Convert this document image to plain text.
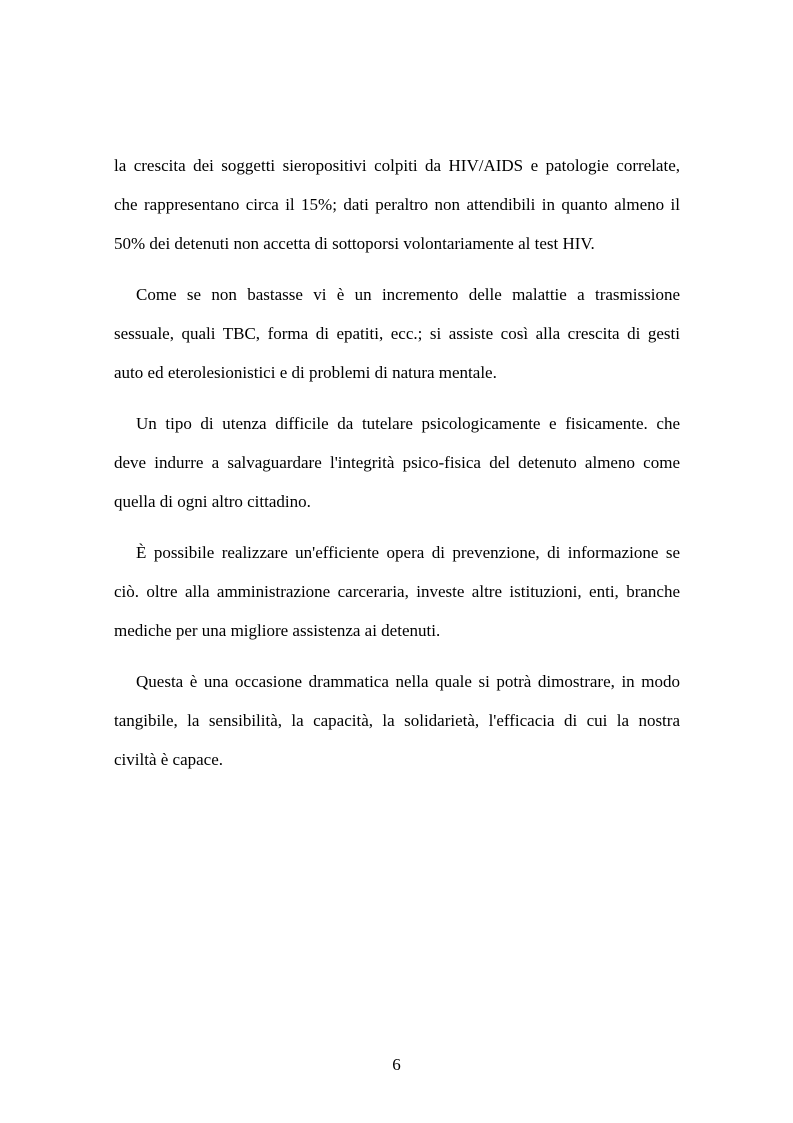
la crescita dei soggetti sieropositivi colpiti da HIV/AIDS e patologie correlate,
che rappresentano circa il 15%; dati peraltro non attendibili in quanto almeno il
50% dei detenuti non accetta di sottoporsi volontariamente al test HIV.
Come se non bastasse vi è un incremento delle malattie a trasmissione
sessuale, quali TBC, forma di epatiti, ecc.; si assiste così alla crescita di gesti
auto ed eterolesionistici e di problemi di natura mentale.
Un tipo di utenza difficile da tutelare psicologicamente e fisicamente. che
deve indurre a salvaguardare l'integrità psico-fisica del detenuto almeno come
quella di ogni altro cittadino.
È possibile realizzare un'efficiente opera di prevenzione, di informazione se
ciò. oltre alla amministrazione carceraria, investe altre istituzioni, enti, branche
mediche per una migliore assistenza ai detenuti.
Questa è una occasione drammatica nella quale si potrà dimostrare, in modo
tangibile, la sensibilità, la capacità, la solidarietà, l'efficacia di cui la nostra
civiltà è capace.
6
